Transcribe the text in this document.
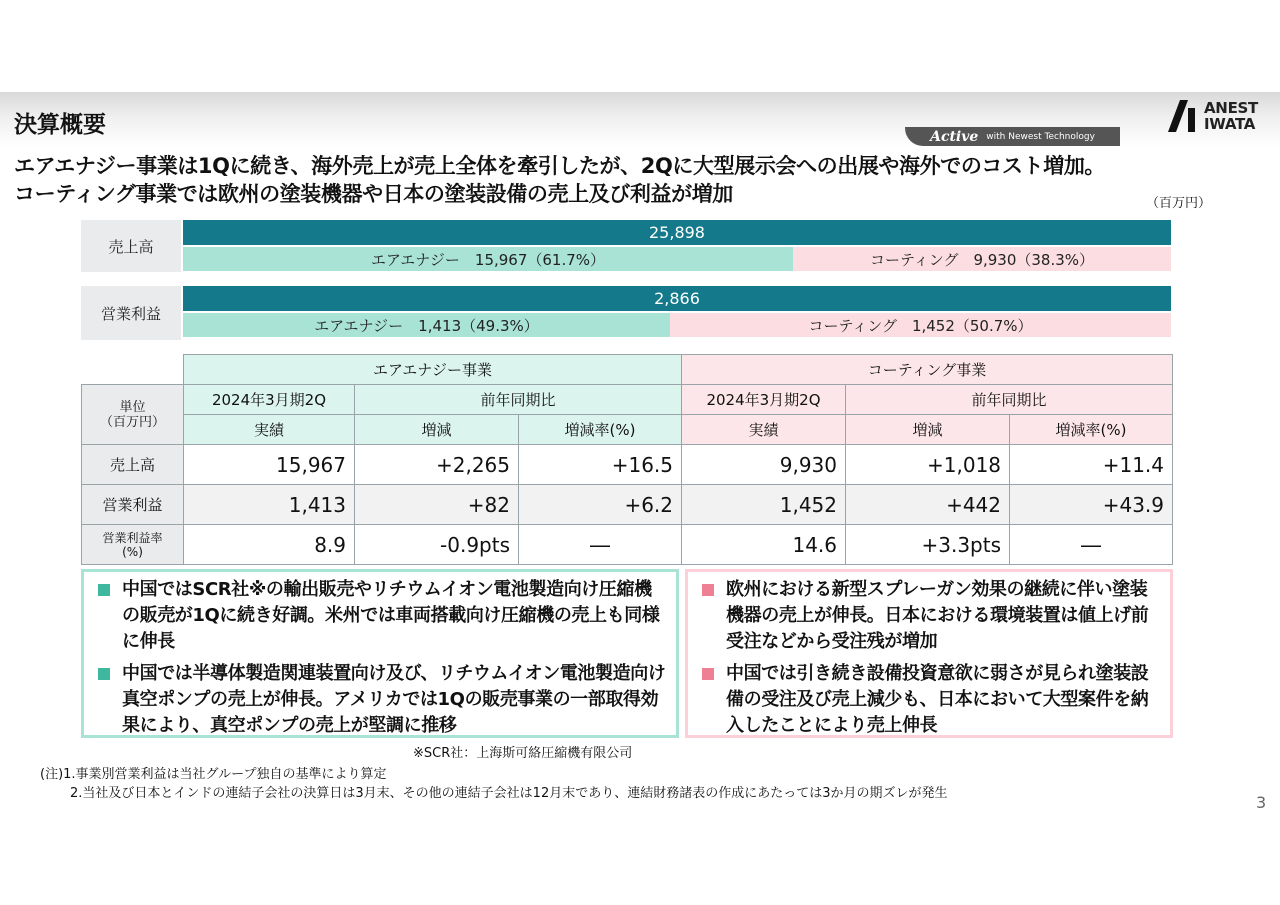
決算概要	Active with Newest Technology
ANEST
IWATA
エアエナジー事業は1Qに続き、海外売上が売上全体を牽引したが、2Qに大型展示会への出展や海外でのコスト増加。
コーティング事業では欧州の塗装機器や日本の塗装設備の売上及び利益が増加	（百万円）
売上高
25,898
エアエナジー　15,967（61.7%）	コーティング　9,930（38.3%）
営業利益
2,866
エアエナジー　1,413（49.3%）	コーティング　1,452（50.7%）
	エアエナジー事業			コーティング事業		

単位
（百万円）	2024年3月期2Q	前年同期比		2024年3月期2Q	前年同期比	
	実績	増減	増減率(%)	実績	増減	増減率(%)
売上高	15,967	+2,265	+16.5	9,930	+1,018	+11.4
営業利益	1,413	+82	+6.2	1,452	+442	+43.9

営業利益率
(%)	8.9	-0.9pts	―	14.6	+3.3pts	―
中国ではSCR社※の輸出販売やリチウムイオン電池製造向け圧縮機の販売が1Qに続き好調。米州では車両搭載向け圧縮機の売上も同様に伸長
中国では半導体製造関連装置向け及び、リチウムイオン電池製造向け真空ポンプの売上が伸長。アメリカでは1Qの販売事業の一部取得効果により、真空ポンプの売上が堅調に推移
欧州における新型スプレーガン効果の継続に伴い塗装機器の売上が伸長。日本における環境装置は値上げ前受注などから受注残が増加
中国では引き続き設備投資意欲に弱さが見られ塗装設備の受注及び売上減少も、日本において大型案件を納入したことにより売上伸長
※SCR社：上海斯可絡圧縮機有限公司
(注)1.事業別営業利益は当社グループ独自の基準により算定
2.当社及び日本とインドの連結子会社の決算日は3月末、その他の連結子会社は12月末であり、連結財務諸表の作成にあたっては3か月の期ズレが発生	3
